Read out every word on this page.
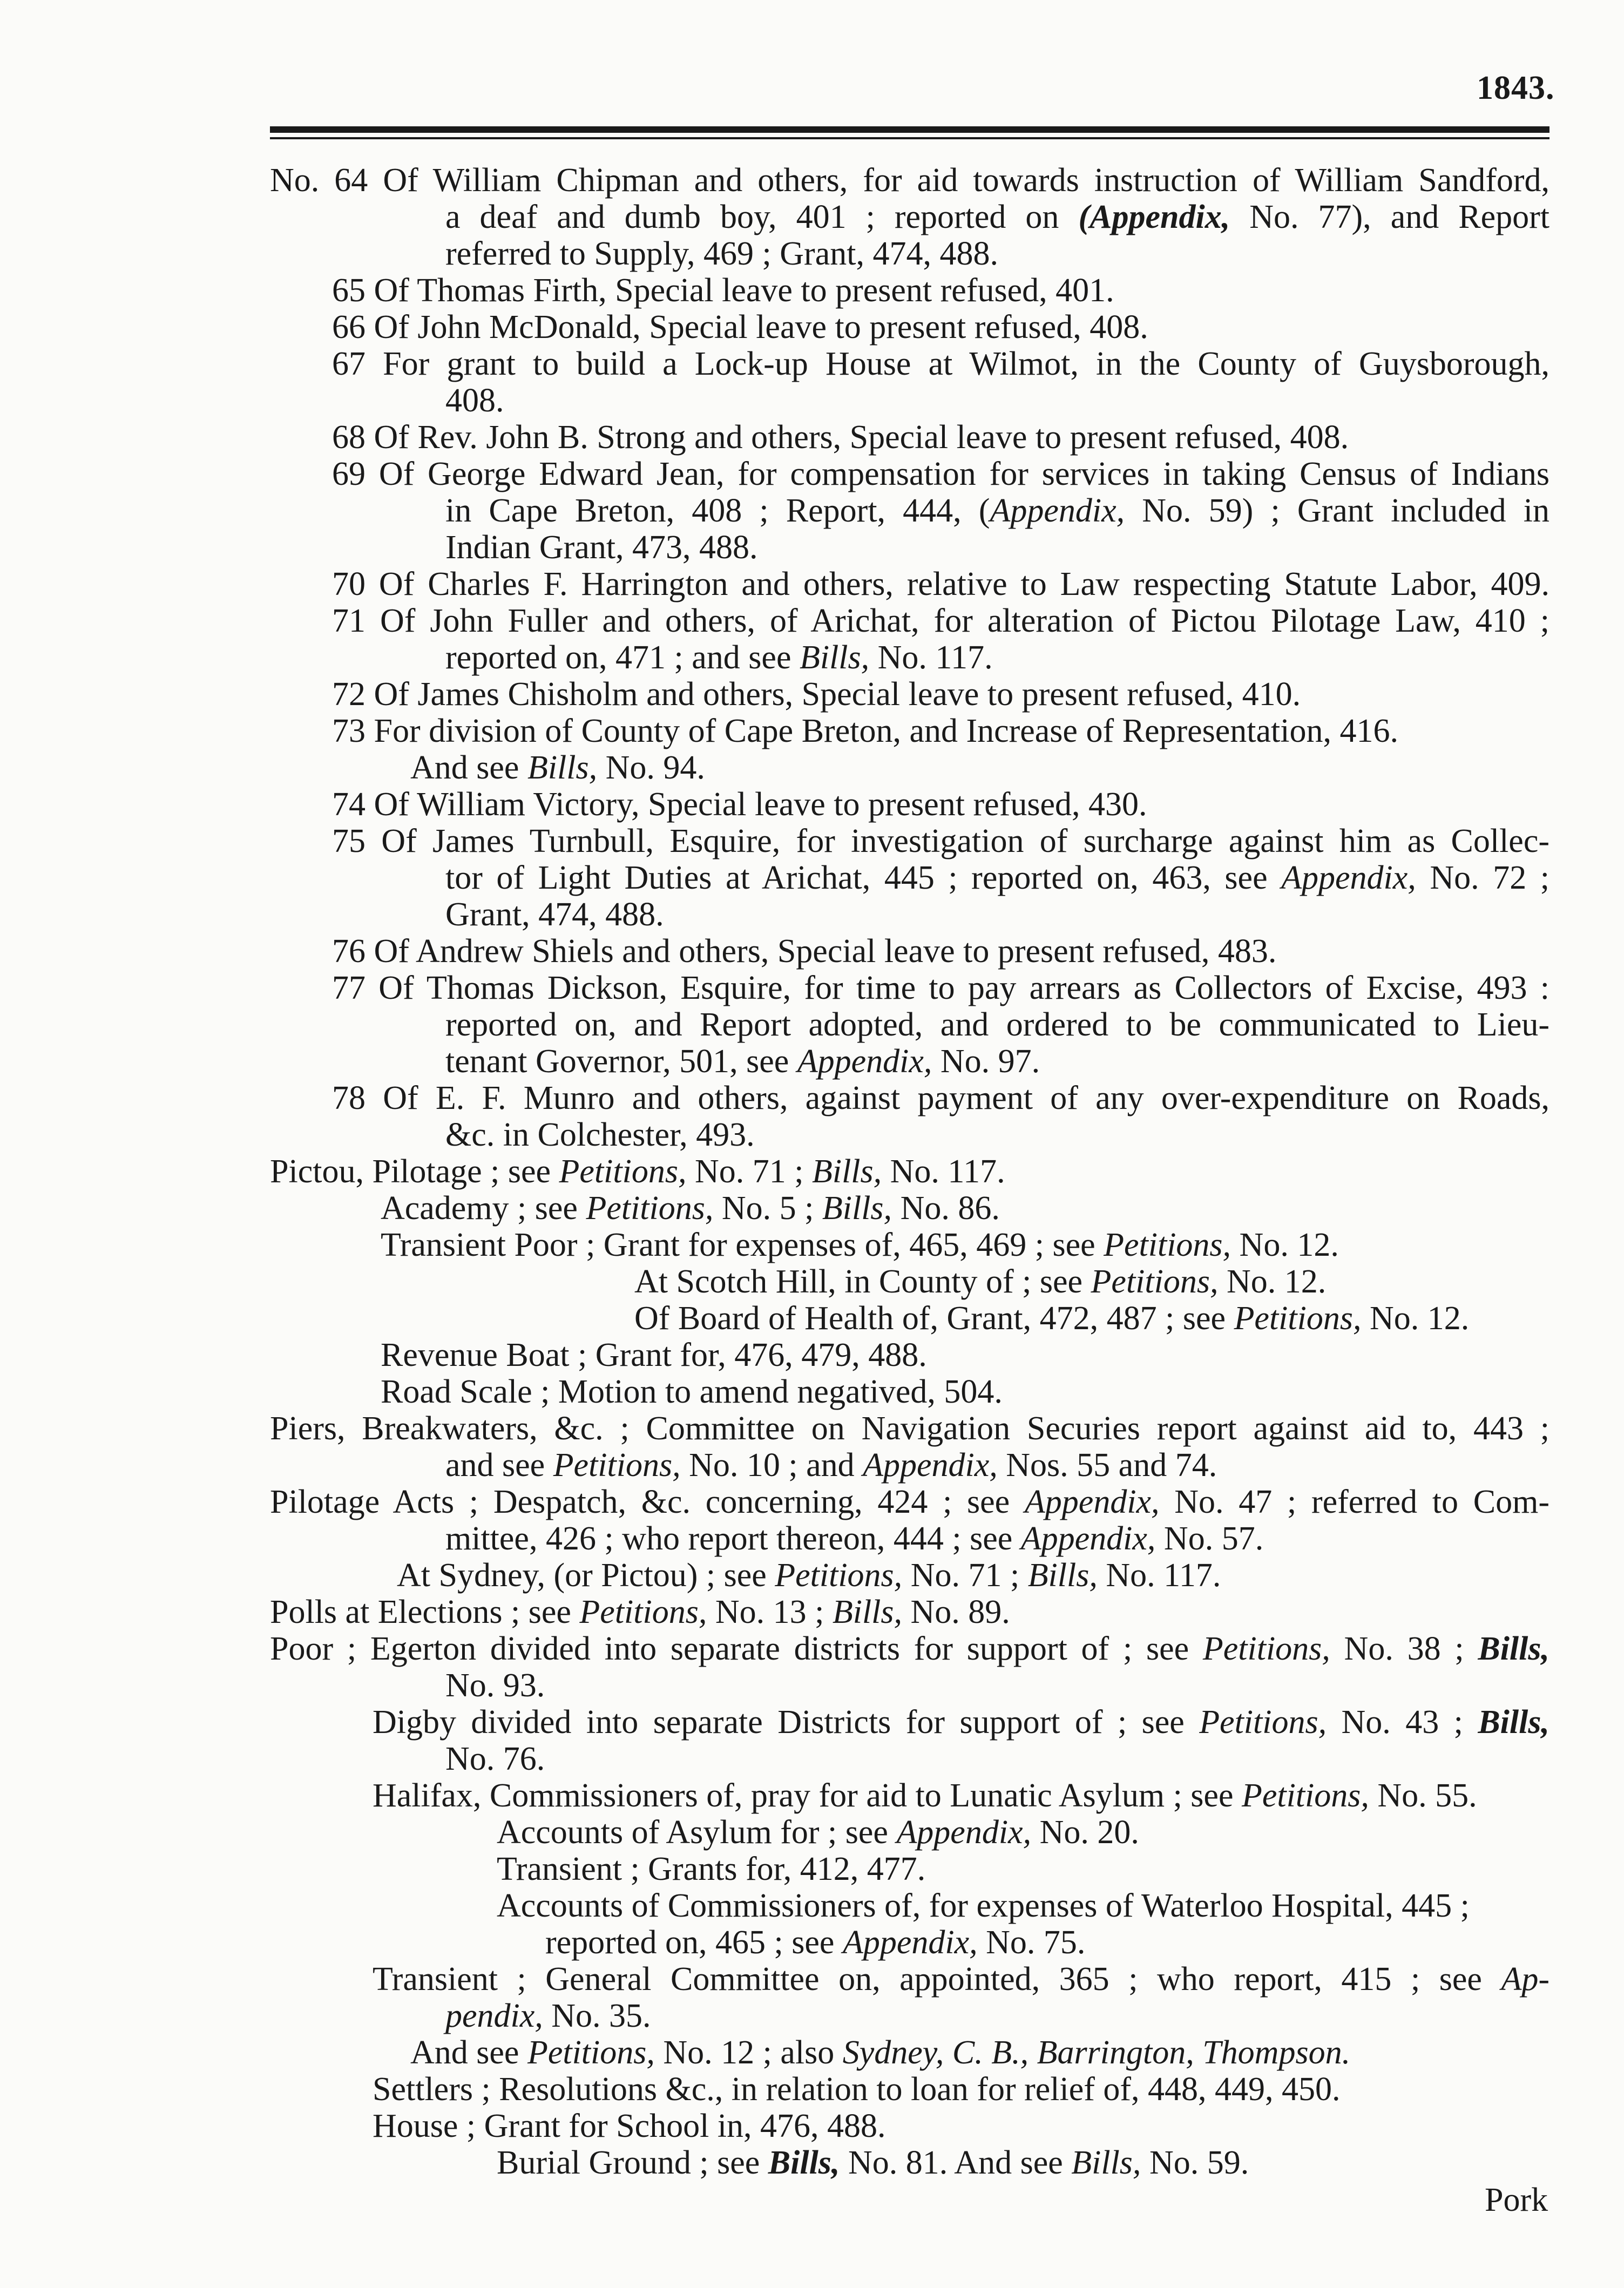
1843.
No. 64 Of William Chipman and others, for aid towards instruction of William Sandford,
a deaf and dumb boy, 401 ; reported on (Appendix, No. 77), and Report
referred to Supply, 469 ; Grant, 474, 488.
65 Of Thomas Firth, Special leave to present refused, 401.
66 Of John McDonald, Special leave to present refused, 408.
67 For grant to build a Lock-up House at Wilmot, in the County of Guysborough,
408.
68 Of Rev. John B. Strong and others, Special leave to present refused, 408.
69 Of George Edward Jean, for compensation for services in taking Census of Indians
in Cape Breton, 408 ; Report, 444, (Appendix, No. 59) ; Grant included in
Indian Grant, 473, 488.
70 Of Charles F. Harrington and others, relative to Law respecting Statute Labor, 409.
71 Of John Fuller and others, of Arichat, for alteration of Pictou Pilotage Law, 410 ;
reported on, 471 ; and see Bills, No. 117.
72 Of James Chisholm and others, Special leave to present refused, 410.
73 For division of County of Cape Breton, and Increase of Representation, 416.
And see Bills, No. 94.
74 Of William Victory, Special leave to present refused, 430.
75 Of James Turnbull, Esquire, for investigation of surcharge against him as Collec-
tor of Light Duties at Arichat, 445 ; reported on, 463, see Appendix, No. 72 ;
Grant, 474, 488.
76 Of Andrew Shiels and others, Special leave to present refused, 483.
77 Of Thomas Dickson, Esquire, for time to pay arrears as Collectors of Excise, 493 :
reported on, and Report adopted, and ordered to be communicated to Lieu-
tenant Governor, 501, see Appendix, No. 97.
78 Of E. F. Munro and others, against payment of any over-expenditure on Roads,
&c. in Colchester, 493.
Pictou, Pilotage ; see Petitions, No. 71 ; Bills, No. 117.
Academy ; see Petitions, No. 5 ; Bills, No. 86.
Transient Poor ; Grant for expenses of, 465, 469 ; see Petitions, No. 12.
At Scotch Hill, in County of ; see Petitions, No. 12.
Of Board of Health of, Grant, 472, 487 ; see Petitions, No. 12.
Revenue Boat ; Grant for, 476, 479, 488.
Road Scale ; Motion to amend negatived, 504.
Piers, Breakwaters, &c. ; Committee on Navigation Securies report against aid to, 443 ;
and see Petitions, No. 10 ; and Appendix, Nos. 55 and 74.
Pilotage Acts ; Despatch, &c. concerning, 424 ; see Appendix, No. 47 ; referred to Com-
mittee, 426 ; who report thereon, 444 ; see Appendix, No. 57.
At Sydney, (or Pictou) ; see Petitions, No. 71 ; Bills, No. 117.
Polls at Elections ; see Petitions, No. 13 ; Bills, No. 89.
Poor ; Egerton divided into separate districts for support of ; see Petitions, No. 38 ; Bills,
No. 93.
Digby divided into separate Districts for support of ; see Petitions, No. 43 ; Bills,
No. 76.
Halifax, Commissioners of, pray for aid to Lunatic Asylum ; see Petitions, No. 55.
Accounts of Asylum for ; see Appendix, No. 20.
Transient ; Grants for, 412, 477.
Accounts of Commissioners of, for expenses of Waterloo Hospital, 445 ;
reported on, 465 ; see Appendix, No. 75.
Transient ; General Committee on, appointed, 365 ; who report, 415 ; see Ap-
pendix, No. 35.
And see Petitions, No. 12 ; also Sydney, C. B., Barrington, Thompson.
Settlers ; Resolutions &c., in relation to loan for relief of, 448, 449, 450.
House ; Grant for School in, 476, 488.
Burial Ground ; see Bills, No. 81. And see Bills, No. 59.
Pork
